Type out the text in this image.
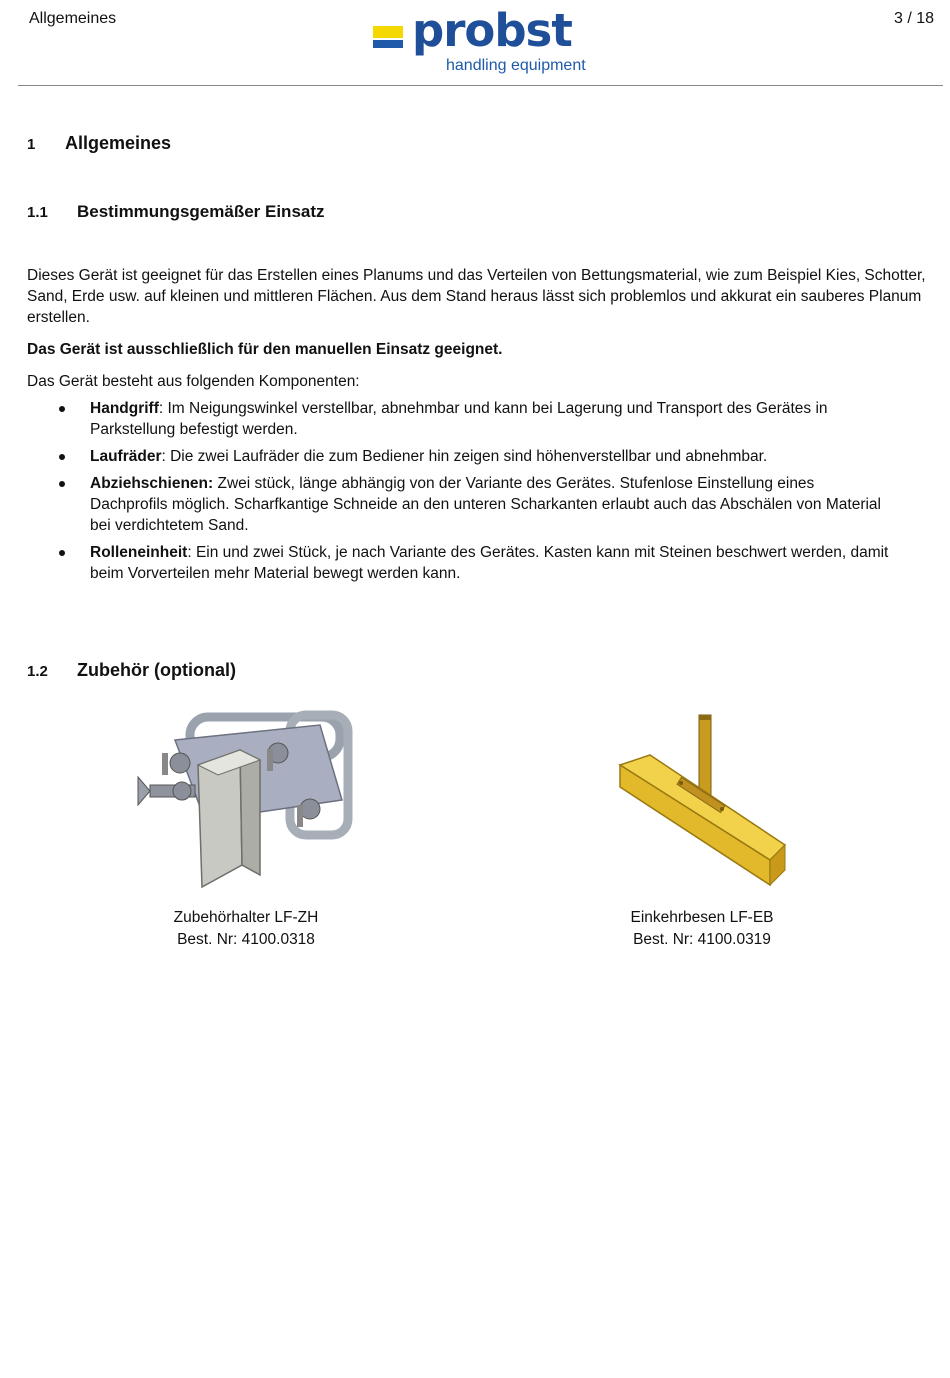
Allgemeines	probst
handling equipment
3 / 18
1 Allgemeines
1.1 Bestimmungsgemäßer Einsatz
Dieses Gerät ist geeignet für das Erstellen eines Planums und das Verteilen von Bettungsmaterial, wie zum Beispiel Kies, Schotter, Sand, Erde usw. auf kleinen und mittleren Flächen. Aus dem Stand heraus lässt sich problemlos und akkurat ein sauberes Planum erstellen.
Das Gerät ist ausschließlich für den manuellen Einsatz geeignet.
Das Gerät besteht aus folgenden Komponenten:
Handgriff: Im Neigungswinkel verstellbar, abnehmbar und kann bei Lagerung und Transport des Gerätes in Parkstellung befestigt werden.
Laufräder: Die zwei Laufräder die zum Bediener hin zeigen sind höhenverstellbar und abnehmbar.
Abziehschienen: Zwei stück, länge abhängig von der Variante des Gerätes. Stufenlose Einstellung eines Dachprofils möglich. Scharfkantige Schneide an den unteren Scharkanten erlaubt auch das Abschälen von Material bei verdichtetem Sand.
Rolleneinheit: Ein und zwei Stück, je nach Variante des Gerätes. Kasten kann mit Steinen beschwert werden, damit beim Vorverteilen mehr Material bewegt werden kann.
1.2 Zubehör (optional)
Zubehörhalter LF-ZH
Best. Nr: 4100.0318
Einkehrbesen LF-EB
Best. Nr: 4100.0319
